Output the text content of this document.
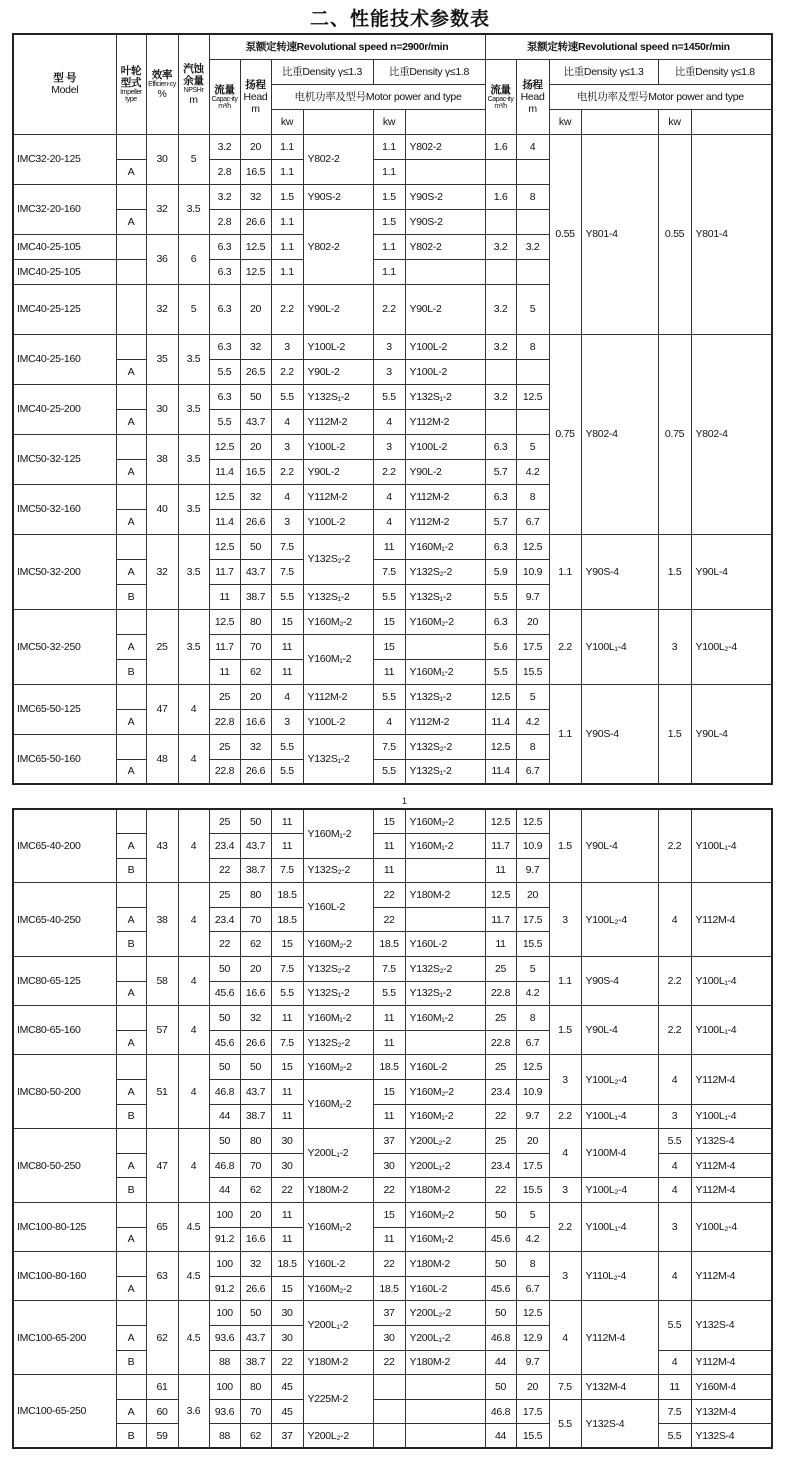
二、性能技术参数表
型 号
Model	叶轮型式
Impeller type	效率
Efficien-cy
%	汽蚀余量
NPSHr
m	泵额定转速Revolutional speed n=2900r/min						泵额定转速Revolutional speed n=1450r/min					

				流量
Capac-ity
m³/h	扬程
Head
m	比重Density γ≤1.3		比重Density γ≤1.8		流量
Capac-ity
m³/h	扬程
Head
m	比重Density γ≤1.3		比重Density γ≤1.8	
						电机功率及型号Motor power and type						电机功率及型号Motor power and type			
						kw		kw				kw		kw	
IMC32-20-125		30	5	3.2	20	1.1	Y802-2	1.1	Y802-2	1.6	4	0.55	Y801-4	0.55	Y801-4
	A			2.8	16.5	1.1		1.1							
IMC32-20-160		32	3.5	3.2	32	1.5	Y90S-2	1.5	Y90S-2	1.6	8				
	A			2.8	26.6	1.1	Y802-2	1.5	Y90S-2						
IMC40-25-105		36	6	6.3	12.5	1.1		1.1	Y802-2	3.2	3.2				
IMC40-25-105				6.3	12.5	1.1		1.1							
IMC40-25-125		32	5	6.3	20	2.2	Y90L-2	2.2	Y90L-2	3.2	5				

IMC40-25-160		35	3.5	6.3	32	3	Y100L-2	3	Y100L-2	3.2	8	0.75	Y802-4	0.75	Y802-4
	A			5.5	26.5	2.2	Y90L-2	3	Y100L-2						
IMC40-25-200		30	3.5	6.3	50	5.5	Y132S₁-2	5.5	Y132S₁-2	3.2	12.5				
	A			5.5	43.7	4	Y112M-2	4	Y112M-2						
IMC50-32-125		38	3.5	12.5	20	3	Y100L-2	3	Y100L-2	6.3	5				
	A			11.4	16.5	2.2	Y90L-2	2.2	Y90L-2	5.7	4.2				
IMC50-32-160		40	3.5	12.5	32	4	Y112M-2	4	Y112M-2	6.3	8				
	A			11.4	26.6	3	Y100L-2	4	Y112M-2	5.7	6.7				
IMC50-32-200		32	3.5	12.5	50	7.5	Y132S₂-2	11	Y160M₁-2	6.3	12.5	1.1	Y90S-4	1.5	Y90L-4
	A			11.7	43.7	7.5		7.5	Y132S₂-2	5.9	10.9				
	B			11	38.7	5.5	Y132S₁-2	5.5	Y132S₁-2	5.5	9.7				
IMC50-32-250		25	3.5	12.5	80	15	Y160M₂-2	15	Y160M₂-2	6.3	20	2.2	Y100L₁-4	3	Y100L₂-4
	A			11.7	70	11	Y160M₁-2	15		5.6	17.5				
	B			11	62	11		11	Y160M₁-2	5.5	15.5				
IMC65-50-125		47	4	25	20	4	Y112M-2	5.5	Y132S₁-2	12.5	5	1.1	Y90S-4	1.5	Y90L-4
	A			22.8	16.6	3	Y100L-2	4	Y112M-2	11.4	4.2				
IMC65-50-160		48	4	25	32	5.5	Y132S₁-2	7.5	Y132S₂-2	12.5	8				
	A			22.8	26.6	5.5		5.5	Y132S₁-2	11.4	6.7				
1
IMC65-40-200		43	4	25	50	11	Y160M₁-2	15	Y160M₂-2	12.5	12.5	1.5	Y90L-4	2.2	Y100L₁-4
	A			23.4	43.7	11		11	Y160M₁-2	11.7	10.9				
	B			22	38.7	7.5	Y132S₂-2	11		11	9.7				
IMC65-40-250		38	4	25	80	18.5	Y160L-2	22	Y180M-2	12.5	20	3	Y100L₂-4	4	Y112M-4
	A			23.4	70	18.5		22		11.7	17.5				
	B			22	62	15	Y160M₂-2	18.5	Y160L-2	11	15.5				
IMC80-65-125		58	4	50	20	7.5	Y132S₂-2	7.5	Y132S₂-2	25	5	1.1	Y90S-4	2.2	Y100L₁-4
	A			45.6	16.6	5.5	Y132S₁-2	5.5	Y132S₁-2	22.8	4.2				
IMC80-65-160		57	4	50	32	11	Y160M₁-2	11	Y160M₁-2	25	8	1.5	Y90L-4	2.2	Y100L₁-4
	A			45.6	26.6	7.5	Y132S₂-2	11		22.8	6.7				
IMC80-50-200		51	4	50	50	15	Y160M₂-2	18.5	Y160L-2	25	12.5	3	Y100L₂-4	4	Y112M-4
	A			46.8	43.7	11	Y160M₁-2	15	Y160M₂-2	23.4	10.9				
	B			44	38.7	11		11	Y160M₁-2	22	9.7	2.2	Y100L₁-4	3	Y100L₁-4
IMC80-50-250		47	4	50	80	30	Y200L₁-2	37	Y200L₂-2	25	20	4	Y100M-4	5.5	Y132S-4
	A			46.8	70	30		30	Y200L₁-2	23.4	17.5			4	Y112M-4
	B			44	62	22	Y180M-2	22	Y180M-2	22	15.5	3	Y100L₂-4	4	Y112M-4
IMC100-80-125		65	4.5	100	20	11	Y160M₁-2	15	Y160M₂-2	50	5	2.2	Y100L₁-4	3	Y100L₂-4
	A			91.2	16.6	11		11	Y160M₁-2	45.6	4.2				
IMC100-80-160		63	4.5	100	32	18.5	Y160L-2	22	Y180M-2	50	8	3	Y110L₂-4	4	Y112M-4
	A			91.2	26.6	15	Y160M₂-2	18.5	Y160L-2	45.6	6.7				
IMC100-65-200		62	4.5	100	50	30	Y200L₁-2	37	Y200L₂-2	50	12.5	4	Y112M-4	5.5	Y132S-4
	A			93.6	43.7	30		30	Y200L₁-2	46.8	12.9				
	B			88	38.7	22	Y180M-2	22	Y180M-2	44	9.7			4	Y112M-4
IMC100-65-250		61	3.6	100	80	45	Y225M-2			50	20	7.5	Y132M-4	11	Y160M-4
	A	60		93.6	70	45				46.8	17.5	5.5	Y132S-4	7.5	Y132M-4
	B	59		88	62	37	Y200L₂-2			44	15.5			5.5	Y132S-4
